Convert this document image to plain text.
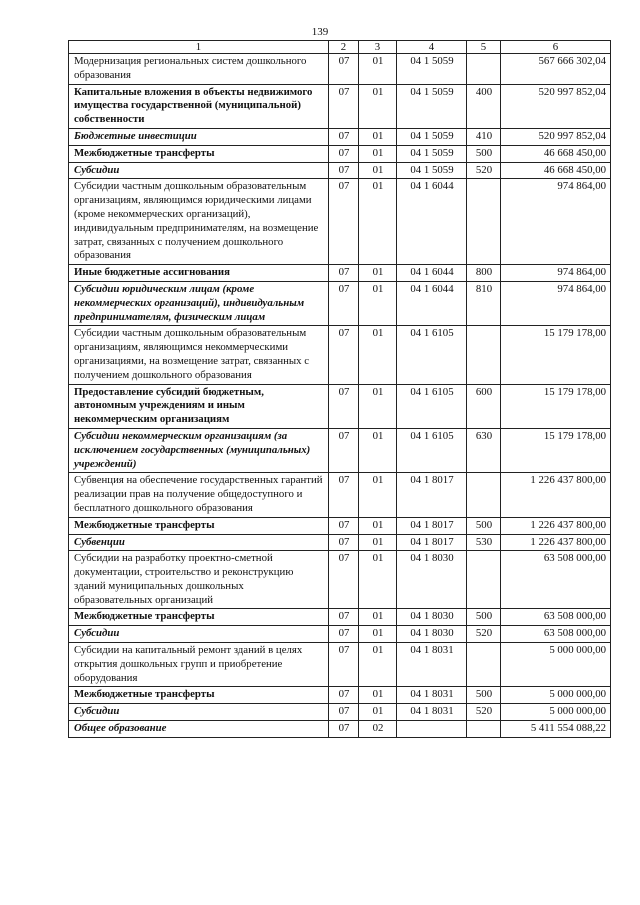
139
1	2	3	4	5	6
Модернизация региональных систем дошкольного образования	07	01	04 1 5059		567 666 302,04
Капитальные вложения в объекты недвижимого имущества государственной (муниципальной) собственности	07	01	04 1 5059	400	520 997 852,04
Бюджетные инвестиции	07	01	04 1 5059	410	520 997 852,04
Межбюджетные трансферты	07	01	04 1 5059	500	46 668 450,00
Субсидии	07	01	04 1 5059	520	46 668 450,00
Субсидии частным дошкольным образовательным организациям, являющимся юридическими лицами (кроме некоммерческих организаций), индивидуальным предпринимателям, на возмещение затрат, связанных с получением дошкольного образования	07	01	04 1 6044		974 864,00
Иные бюджетные ассигнования	07	01	04 1 6044	800	974 864,00
Субсидии юридическим лицам (кроме некоммерческих организаций), индивидуальным предпринимателям, физическим лицам	07	01	04 1 6044	810	974 864,00
Субсидии частным дошкольным образовательным организациям, являющимся некоммерческими организациями, на возмещение затрат, связанных с получением дошкольного образования	07	01	04 1 6105		15 179 178,00
Предоставление субсидий бюджетным, автономным учреждениям и иным некоммерческим организациям	07	01	04 1 6105	600	15 179 178,00
Субсидии некоммерческим организациям (за исключением государственных (муниципальных) учреждений)	07	01	04 1 6105	630	15 179 178,00
Субвенция на обеспечение государственных гарантий реализации прав на получение общедоступного и бесплатного дошкольного образования	07	01	04 1 8017		1 226 437 800,00
Межбюджетные трансферты	07	01	04 1 8017	500	1 226 437 800,00
Субвенции	07	01	04 1 8017	530	1 226 437 800,00
Субсидии на разработку проектно-сметной документации, строительство и реконструкцию зданий муниципальных дошкольных образовательных организаций	07	01	04 1 8030		63 508 000,00
Межбюджетные трансферты	07	01	04 1 8030	500	63 508 000,00
Субсидии	07	01	04 1 8030	520	63 508 000,00
Субсидии на капитальный ремонт зданий в целях открытия дошкольных групп и приобретение оборудования	07	01	04 1 8031		5 000 000,00
Межбюджетные трансферты	07	01	04 1 8031	500	5 000 000,00
Субсидии	07	01	04 1 8031	520	5 000 000,00
Общее образование	07	02			5 411 554 088,22
